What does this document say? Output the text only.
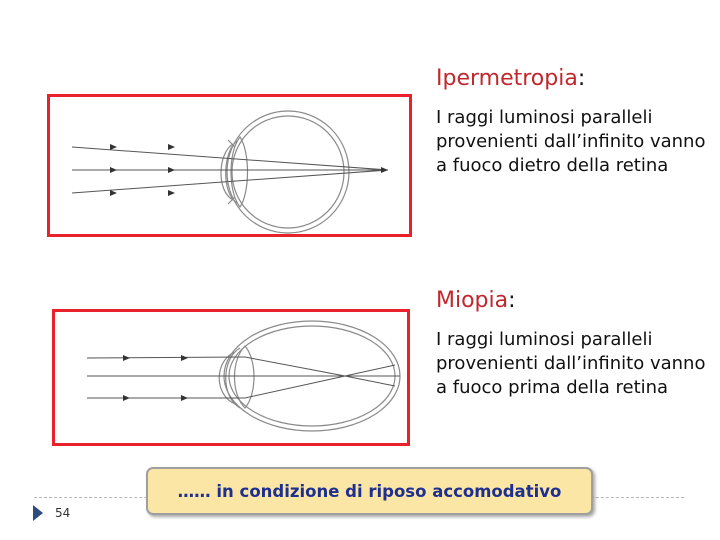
Ipermetropia:
I raggi luminosi paralleli provenienti dall’infinito vanno a fuoco dietro della retina
Miopia:
I raggi luminosi paralleli provenienti dall’infinito vanno a fuoco prima della retina
54
…… in condizione di riposo accomodativo
